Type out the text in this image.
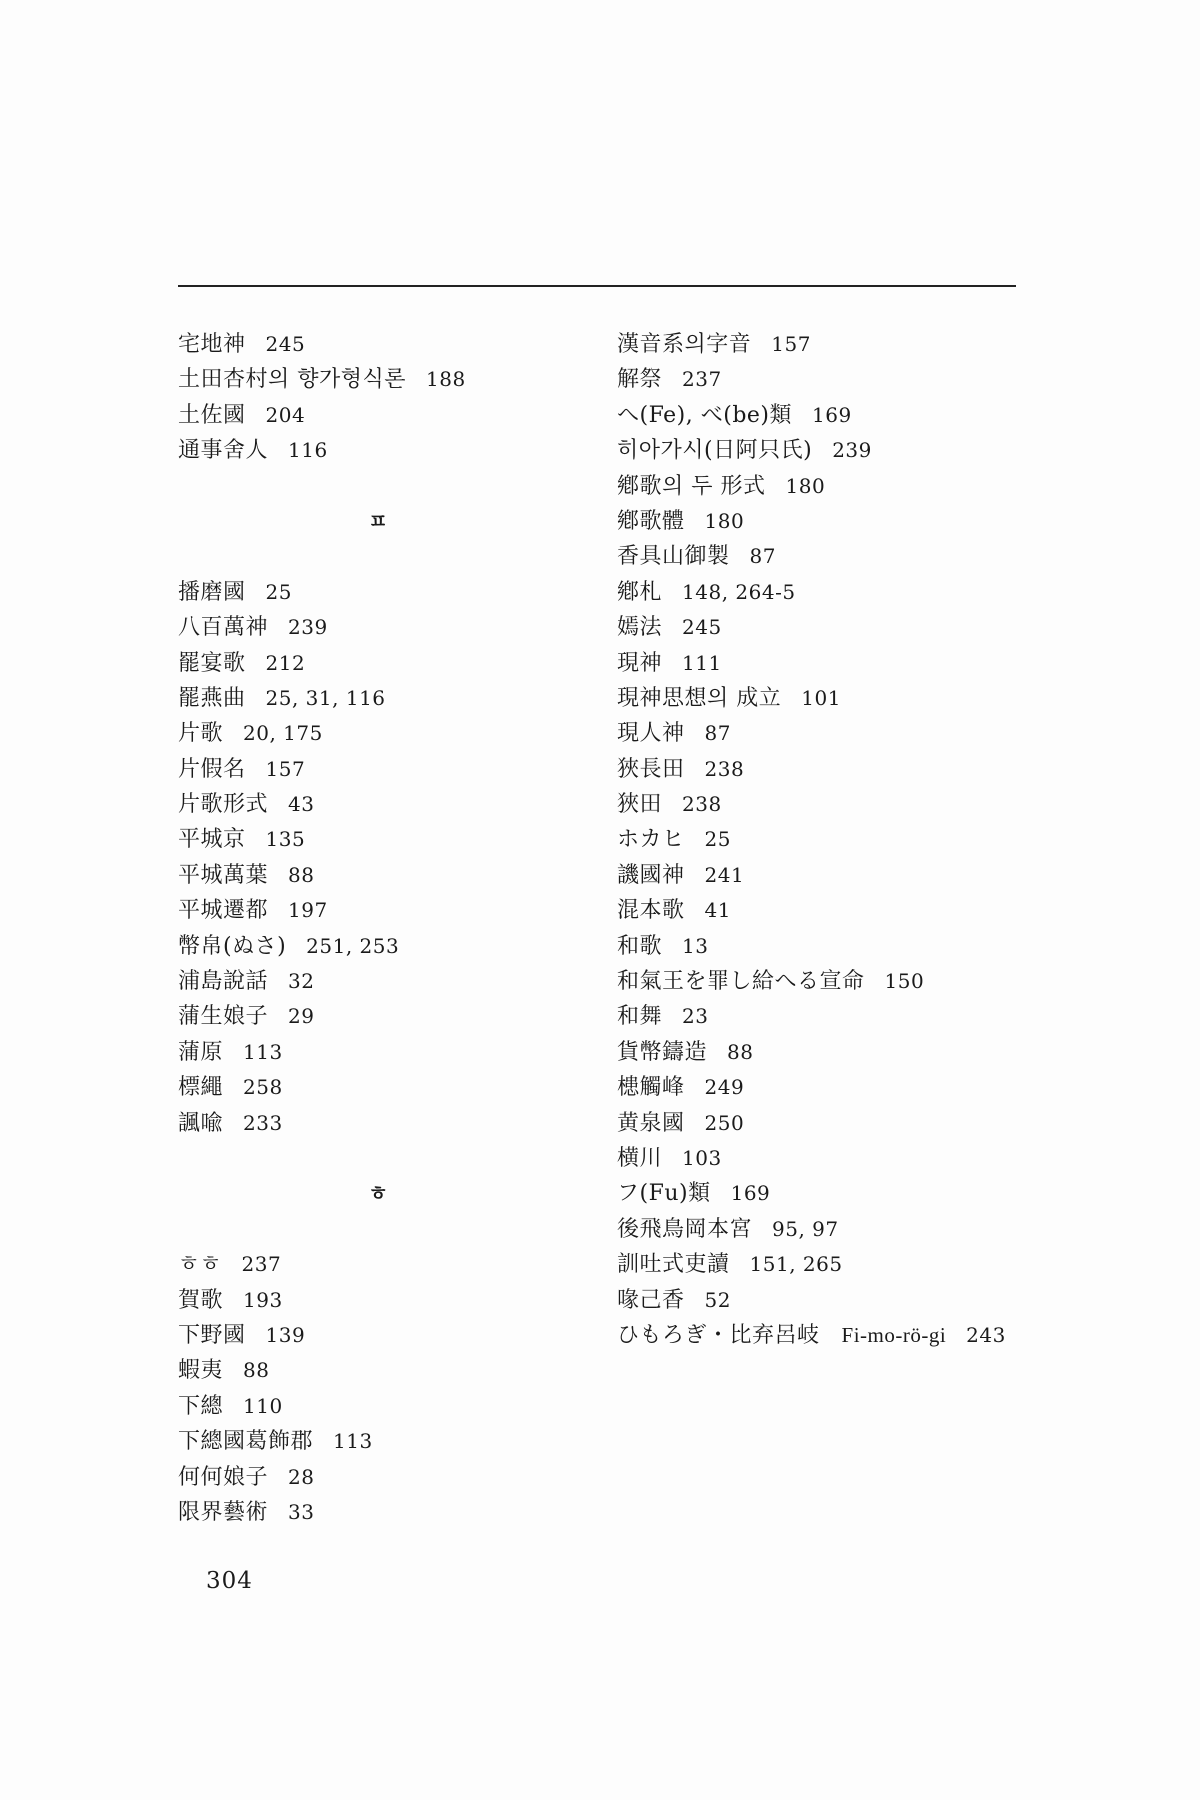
宅地神 245
土田杏村의 향가형식론 188
土佐國 204
通事舍人 116
ㅍ
播磨國 25
八百萬神 239
罷宴歌 212
罷燕曲 25, 31, 116
片歌 20, 175
片假名 157
片歌形式 43
平城京 135
平城萬葉 88
平城遷都 197
幣帛(ぬさ) 251, 253
浦島說話 32
蒲生娘子 29
蒲原 113
標繩 258
諷喩 233
ㅎ
ㅎㅎ 237
賀歌 193
下野國 139
蝦夷 88
下總 110
下總國葛飾郡 113
何何娘子 28
限界藝術 33
漢音系의字音 157
解祭 237
へ(Fe), べ(be)類 169
히아가시(日阿只氏) 239
鄕歌의 두 形式 180
鄕歌體 180
香具山御製 87
鄕札 148, 264-5
嫣法 245
現神 111
現神思想의 成立 101
現人神 87
狹長田 238
狹田 238
ホカヒ 25
譏國神 241
混本歌 41
和歌 13
和氣王を罪し給へる宣命 150
和舞 23
貨幣鑄造 88
槵觸峰 249
黄泉國 250
横川 103
フ(Fu)類 169
後飛鳥岡本宮 95, 97
訓吐式吏讀 151, 265
喙己香 52
ひもろぎ・比弃呂岐 Fi-mo-rö-gi 243
304
